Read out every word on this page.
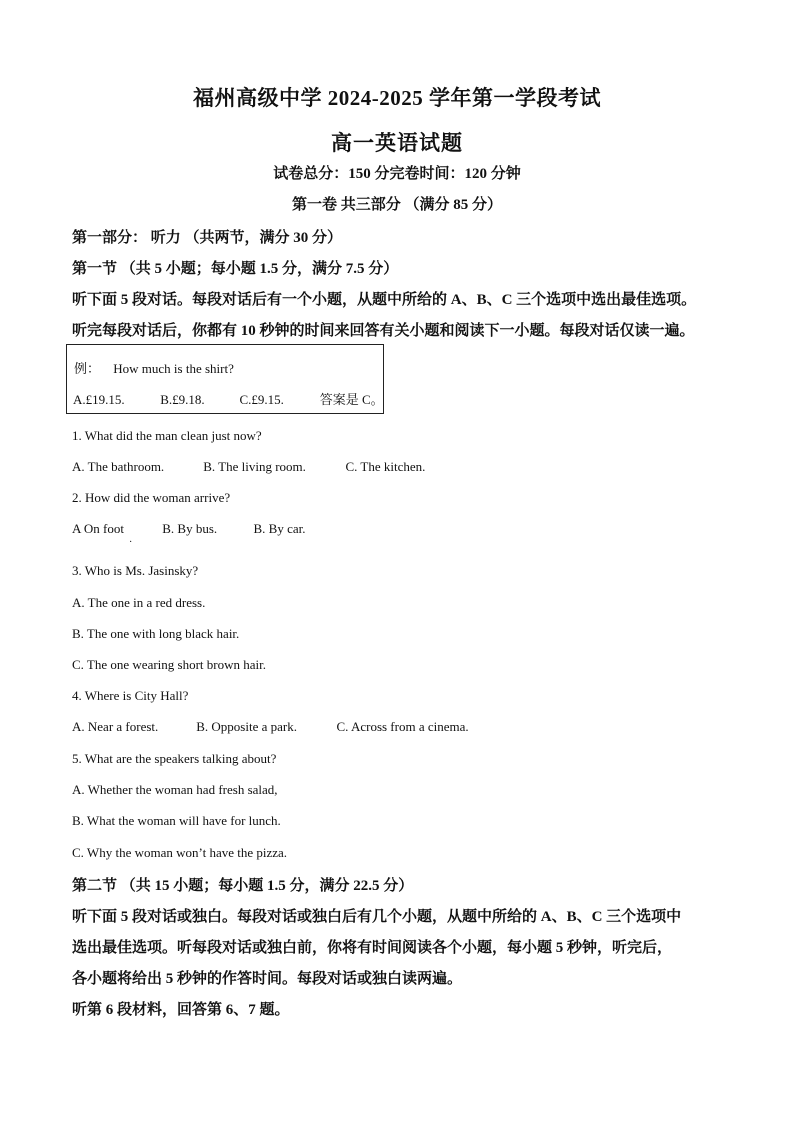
福州高级中学 2024-2025 学年第一学段考试
高一英语试题
试卷总分：150 分完卷时间：120 分钟
第一卷 共三部分 （满分 85 分）
第一部分： 听力 （共两节，满分 30 分）
第一节 （共 5 小题；每小题 1.5 分，满分 7.5 分）
听下面 5 段对话。每段对话后有一个小题，从题中所给的 A、B、C 三个选项中选出最佳选项。
听完每段对话后，你都有 10 秒钟的时间来回答有关小题和阅读下一小题。每段对话仅读一遍。
例： How much is the shirt?
A.£19.15.	B.£9.18.	C.£9.15.	答案是 C。
1. What did the man clean just now?
A. The bathroom.	B. The living room.	C. The kitchen.
2. How did the woman arrive?
A On foot	B. By bus.	B. By car.
·
3. Who is Ms. Jasinsky?
A. The one in a red dress.
B. The one with long black hair.
C. The one wearing short brown hair.
4. Where is City Hall?
A. Near a forest.	B. Opposite a park.	C. Across from a cinema.
5. What are the speakers talking about?
A. Whether the woman had fresh salad,
B. What the woman will have for lunch.
C. Why the woman won’t have the pizza.
第二节 （共 15 小题；每小题 1.5 分，满分 22.5 分）
听下面 5 段对话或独白。每段对话或独白后有几个小题，从题中所给的 A、B、C 三个选项中
选出最佳选项。听每段对话或独白前，你将有时间阅读各个小题，每小题 5 秒钟，听完后，
各小题将给出 5 秒钟的作答时间。每段对话或独白读两遍。
听第 6 段材料，回答第 6、7 题。
